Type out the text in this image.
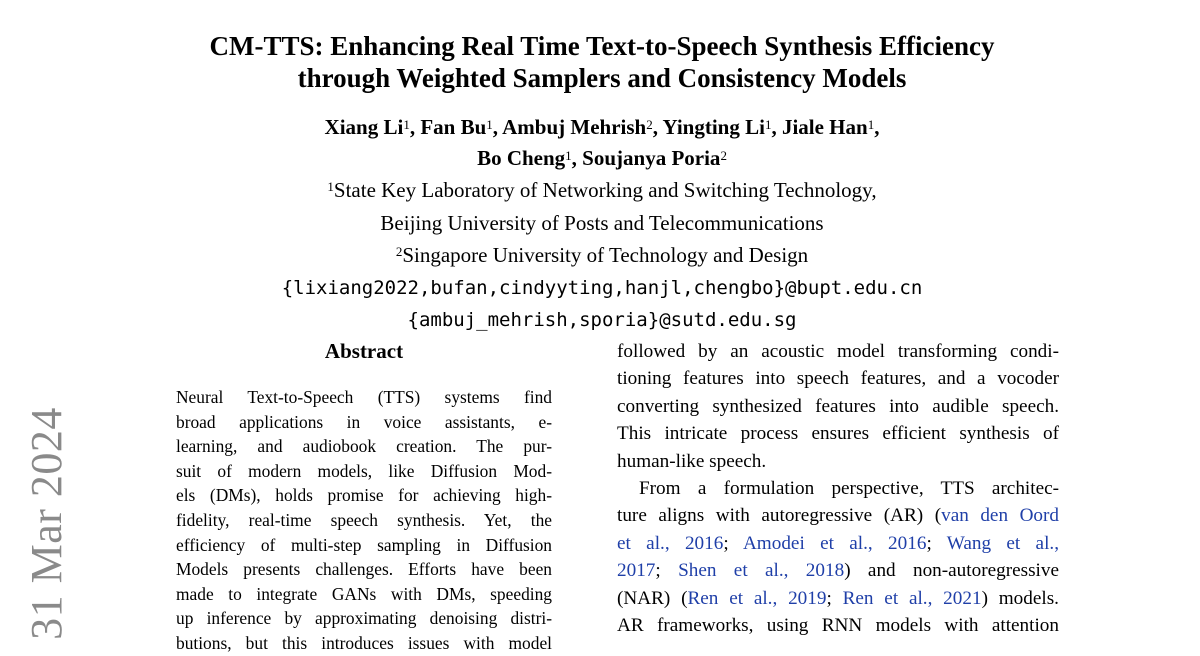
31 Mar 2024
CM-TTS: Enhancing Real Time Text-to-Speech Synthesis Efficiency
through Weighted Samplers and Consistency Models
Xiang Li$^1$, Fan Bu$^1$, Ambuj Mehrish$^2$, Yingting Li$^1$, Jiale Han$^1$,
Bo Cheng$^1$, Soujanya Poria$^2$
$^1$State Key Laboratory of Networking and Switching Technology,
Beijing University of Posts and Telecommunications
$^2$Singapore University of Technology and Design
{lixiang2022,bufan,cindyyting,hanjl,chengbo}@bupt.edu.cn
{ambuj_mehrish,sporia}@sutd.edu.sg
Abstract
Neural Text-to-Speech (TTS) systems find
broad applications in voice assistants, e-
learning, and audiobook creation. The pur-
suit of modern models, like Diffusion Mod-
els (DMs), holds promise for achieving high-
fidelity, real-time speech synthesis. Yet, the
efficiency of multi-step sampling in Diffusion
Models presents challenges. Efforts have been
made to integrate GANs with DMs, speeding
up inference by approximating denoising distri-
butions, but this introduces issues with model
followed by an acoustic model transforming condi-
tioning features into speech features, and a vocoder
converting synthesized features into audible speech.
This intricate process ensures efficient synthesis of
human-like speech.
From a formulation perspective, TTS architec-
ture aligns with autoregressive (AR) (van den Oord
et al., 2016; Amodei et al., 2016; Wang et al.,
2017; Shen et al., 2018) and non-autoregressive
(NAR) (Ren et al., 2019; Ren et al., 2021) models.
AR frameworks, using RNN models with attention
